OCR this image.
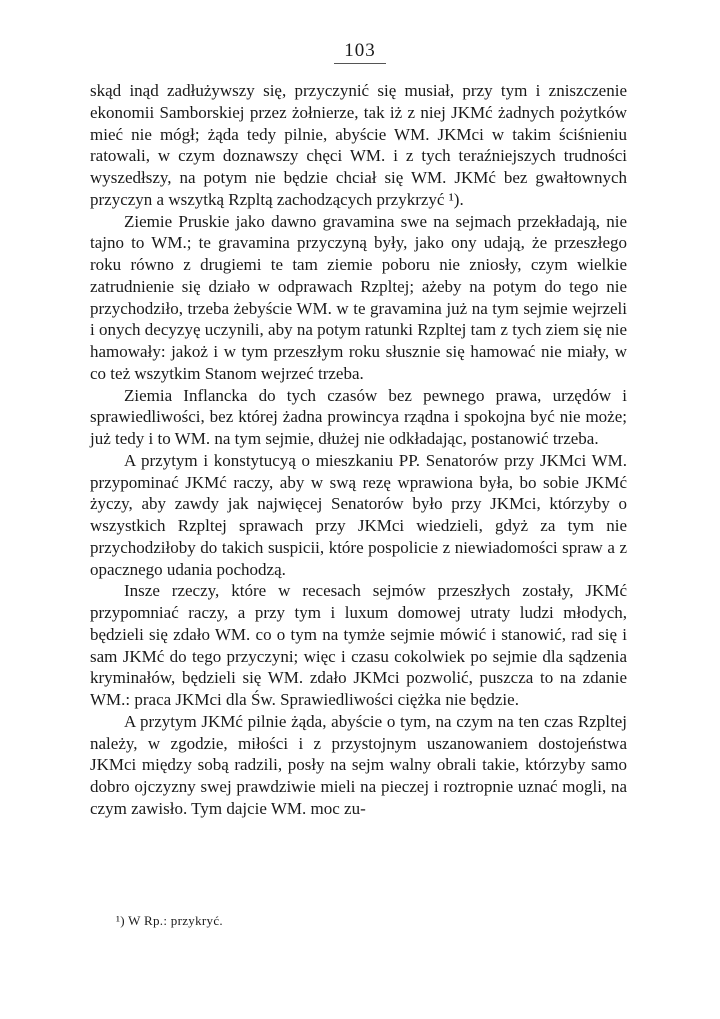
103

skąd inąd zadłużywszy się, przyczynić się musiał, przy tym i zniszczenie ekonomii Samborskiej przez żołnierze, tak iż z niej JKMć żadnych pożytków mieć nie mógł; żąda tedy pilnie, abyście WM. JKMci w takim ściśnieniu ratowali, w czym doznawszy chęci WM. i z tych teraźniejszych trudności wyszedłszy, na potym nie będzie chciał się WM. JKMć bez gwałtownych przyczyn a wszytką Rzpltą zachodzących przykrzyć ¹).

Ziemie Pruskie jako dawno gravamina swe na sejmach przekładają, nie tajno to WM.; te gravamina przyczyną były, jako ony udają, że przeszłego roku równo z drugiemi te tam ziemie poboru nie zniosły, czym wielkie zatrudnienie się działo w odprawach Rzpltej; ażeby na potym do tego nie przychodziło, trzeba żebyście WM. w te gravamina już na tym sejmie wejrzeli i onych decyzyę uczynili, aby na potym ratunki Rzpltej tam z tych ziem się nie hamowały: jakoż i w tym przeszłym roku słusznie się hamować nie miały, w co też wszytkim Stanom wejrzeć trzeba.

Ziemia Inflancka do tych czasów bez pewnego prawa, urzędów i sprawiedliwości, bez której żadna prowincya rządna i spokojna być nie może; już tedy i to WM. na tym sejmie, dłużej nie odkładając, postanowić trzeba.

A przytym i konstytucyą o mieszkaniu PP. Senatorów przy JKMci WM. przypominać JKMć raczy, aby w swą rezę wprawiona była, bo sobie JKMć życzy, aby zawdy jak najwięcej Senatorów było przy JKMci, którzyby o wszystkich Rzpltej sprawach przy JKMci wiedzieli, gdyż za tym nie przychodziłoby do takich suspicii, które pospolicie z niewiadomości spraw a z opacznego udania pochodzą.

Insze rzeczy, które w recesach sejmów przeszłych zostały, JKMć przypomniać raczy, a przy tym i luxum domowej utraty ludzi młodych, będzieli się zdało WM. co o tym na tymże sejmie mówić i stanowić, rad się i sam JKMć do tego przyczyni; więc i czasu cokolwiek po sejmie dla sądzenia kryminałów, będzieli się WM. zdało JKMci pozwolić, puszcza to na zdanie WM.: praca JKMci dla Św. Sprawiedliwości ciężka nie będzie.

A przytym JKMć pilnie żąda, abyście o tym, na czym na ten czas Rzpltej należy, w zgodzie, miłości i z przystojnym uszanowaniem dostojeństwa JKMci między sobą radzili, posły na sejm walny obrali takie, którzyby samo dobro ojczyzny swej prawdziwie mieli na pieczej i roztropnie uznać mogli, na czym zawisło. Tym dajcie WM. moc zu-

¹) W Rp.: przykryć.
